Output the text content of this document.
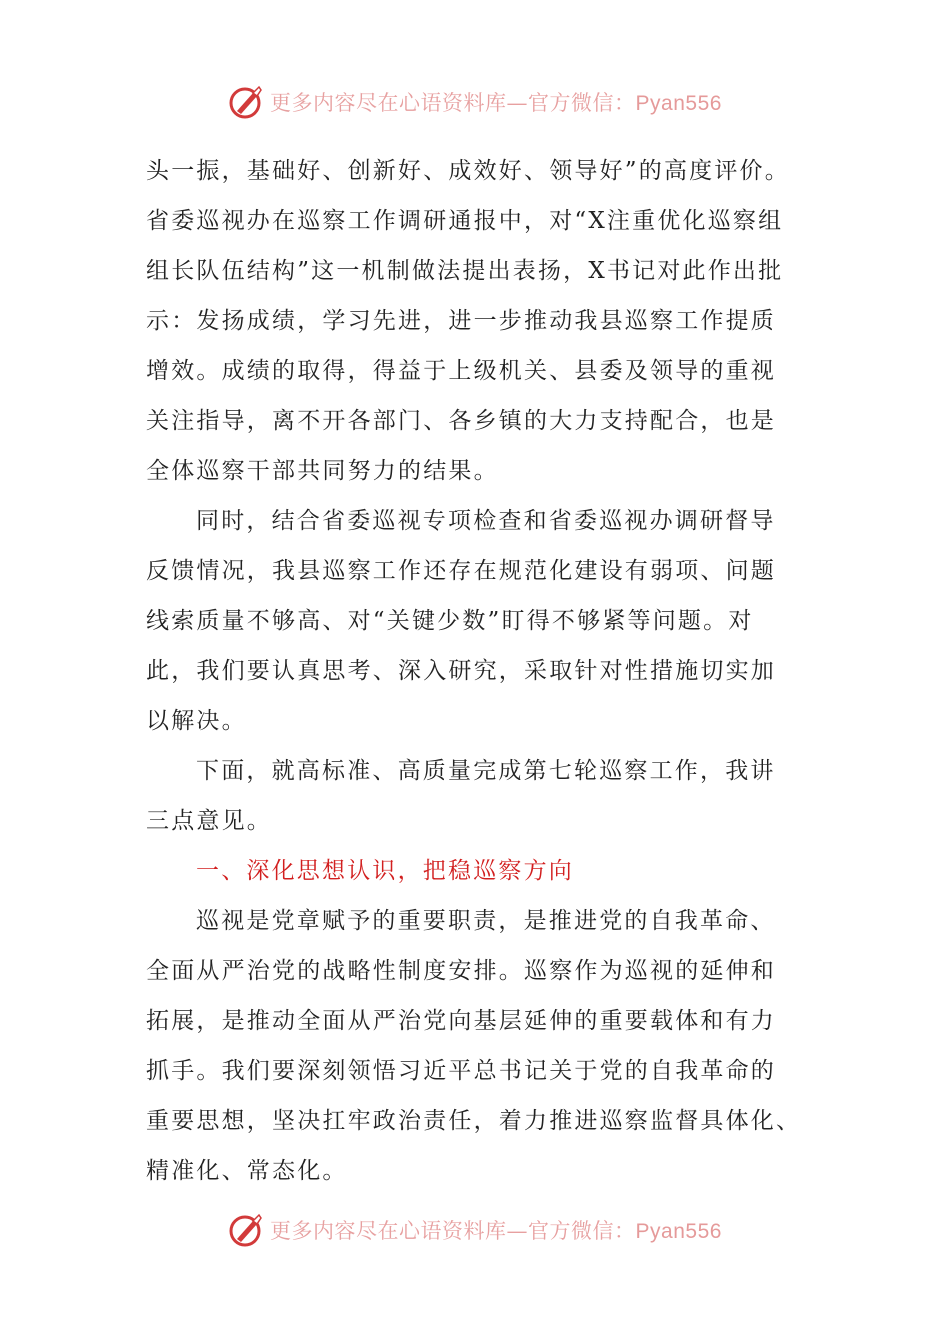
更多内容尽在心语资料库—官方微信：Pyan556
头一振，基础好、创新好、成效好、领导好”的高度评价。
省委巡视办在巡察工作调研通报中，对“X注重优化巡察组
组长队伍结构”这一机制做法提出表扬，X书记对此作出批
示：发扬成绩，学习先进，进一步推动我县巡察工作提质
增效。成绩的取得，得益于上级机关、县委及领导的重视
关注指导，离不开各部门、各乡镇的大力支持配合，也是
全体巡察干部共同努力的结果。
同时，结合省委巡视专项检查和省委巡视办调研督导
反馈情况，我县巡察工作还存在规范化建设有弱项、问题
线索质量不够高、对“关键少数”盯得不够紧等问题。对
此，我们要认真思考、深入研究，采取针对性措施切实加
以解决。
下面，就高标准、高质量完成第七轮巡察工作，我讲
三点意见。
一、深化思想认识，把稳巡察方向
巡视是党章赋予的重要职责，是推进党的自我革命、
全面从严治党的战略性制度安排。巡察作为巡视的延伸和
拓展，是推动全面从严治党向基层延伸的重要载体和有力
抓手。我们要深刻领悟习近平总书记关于党的自我革命的
重要思想，坚决扛牢政治责任，着力推进巡察监督具体化、
精准化、常态化。
更多内容尽在心语资料库—官方微信：Pyan556
